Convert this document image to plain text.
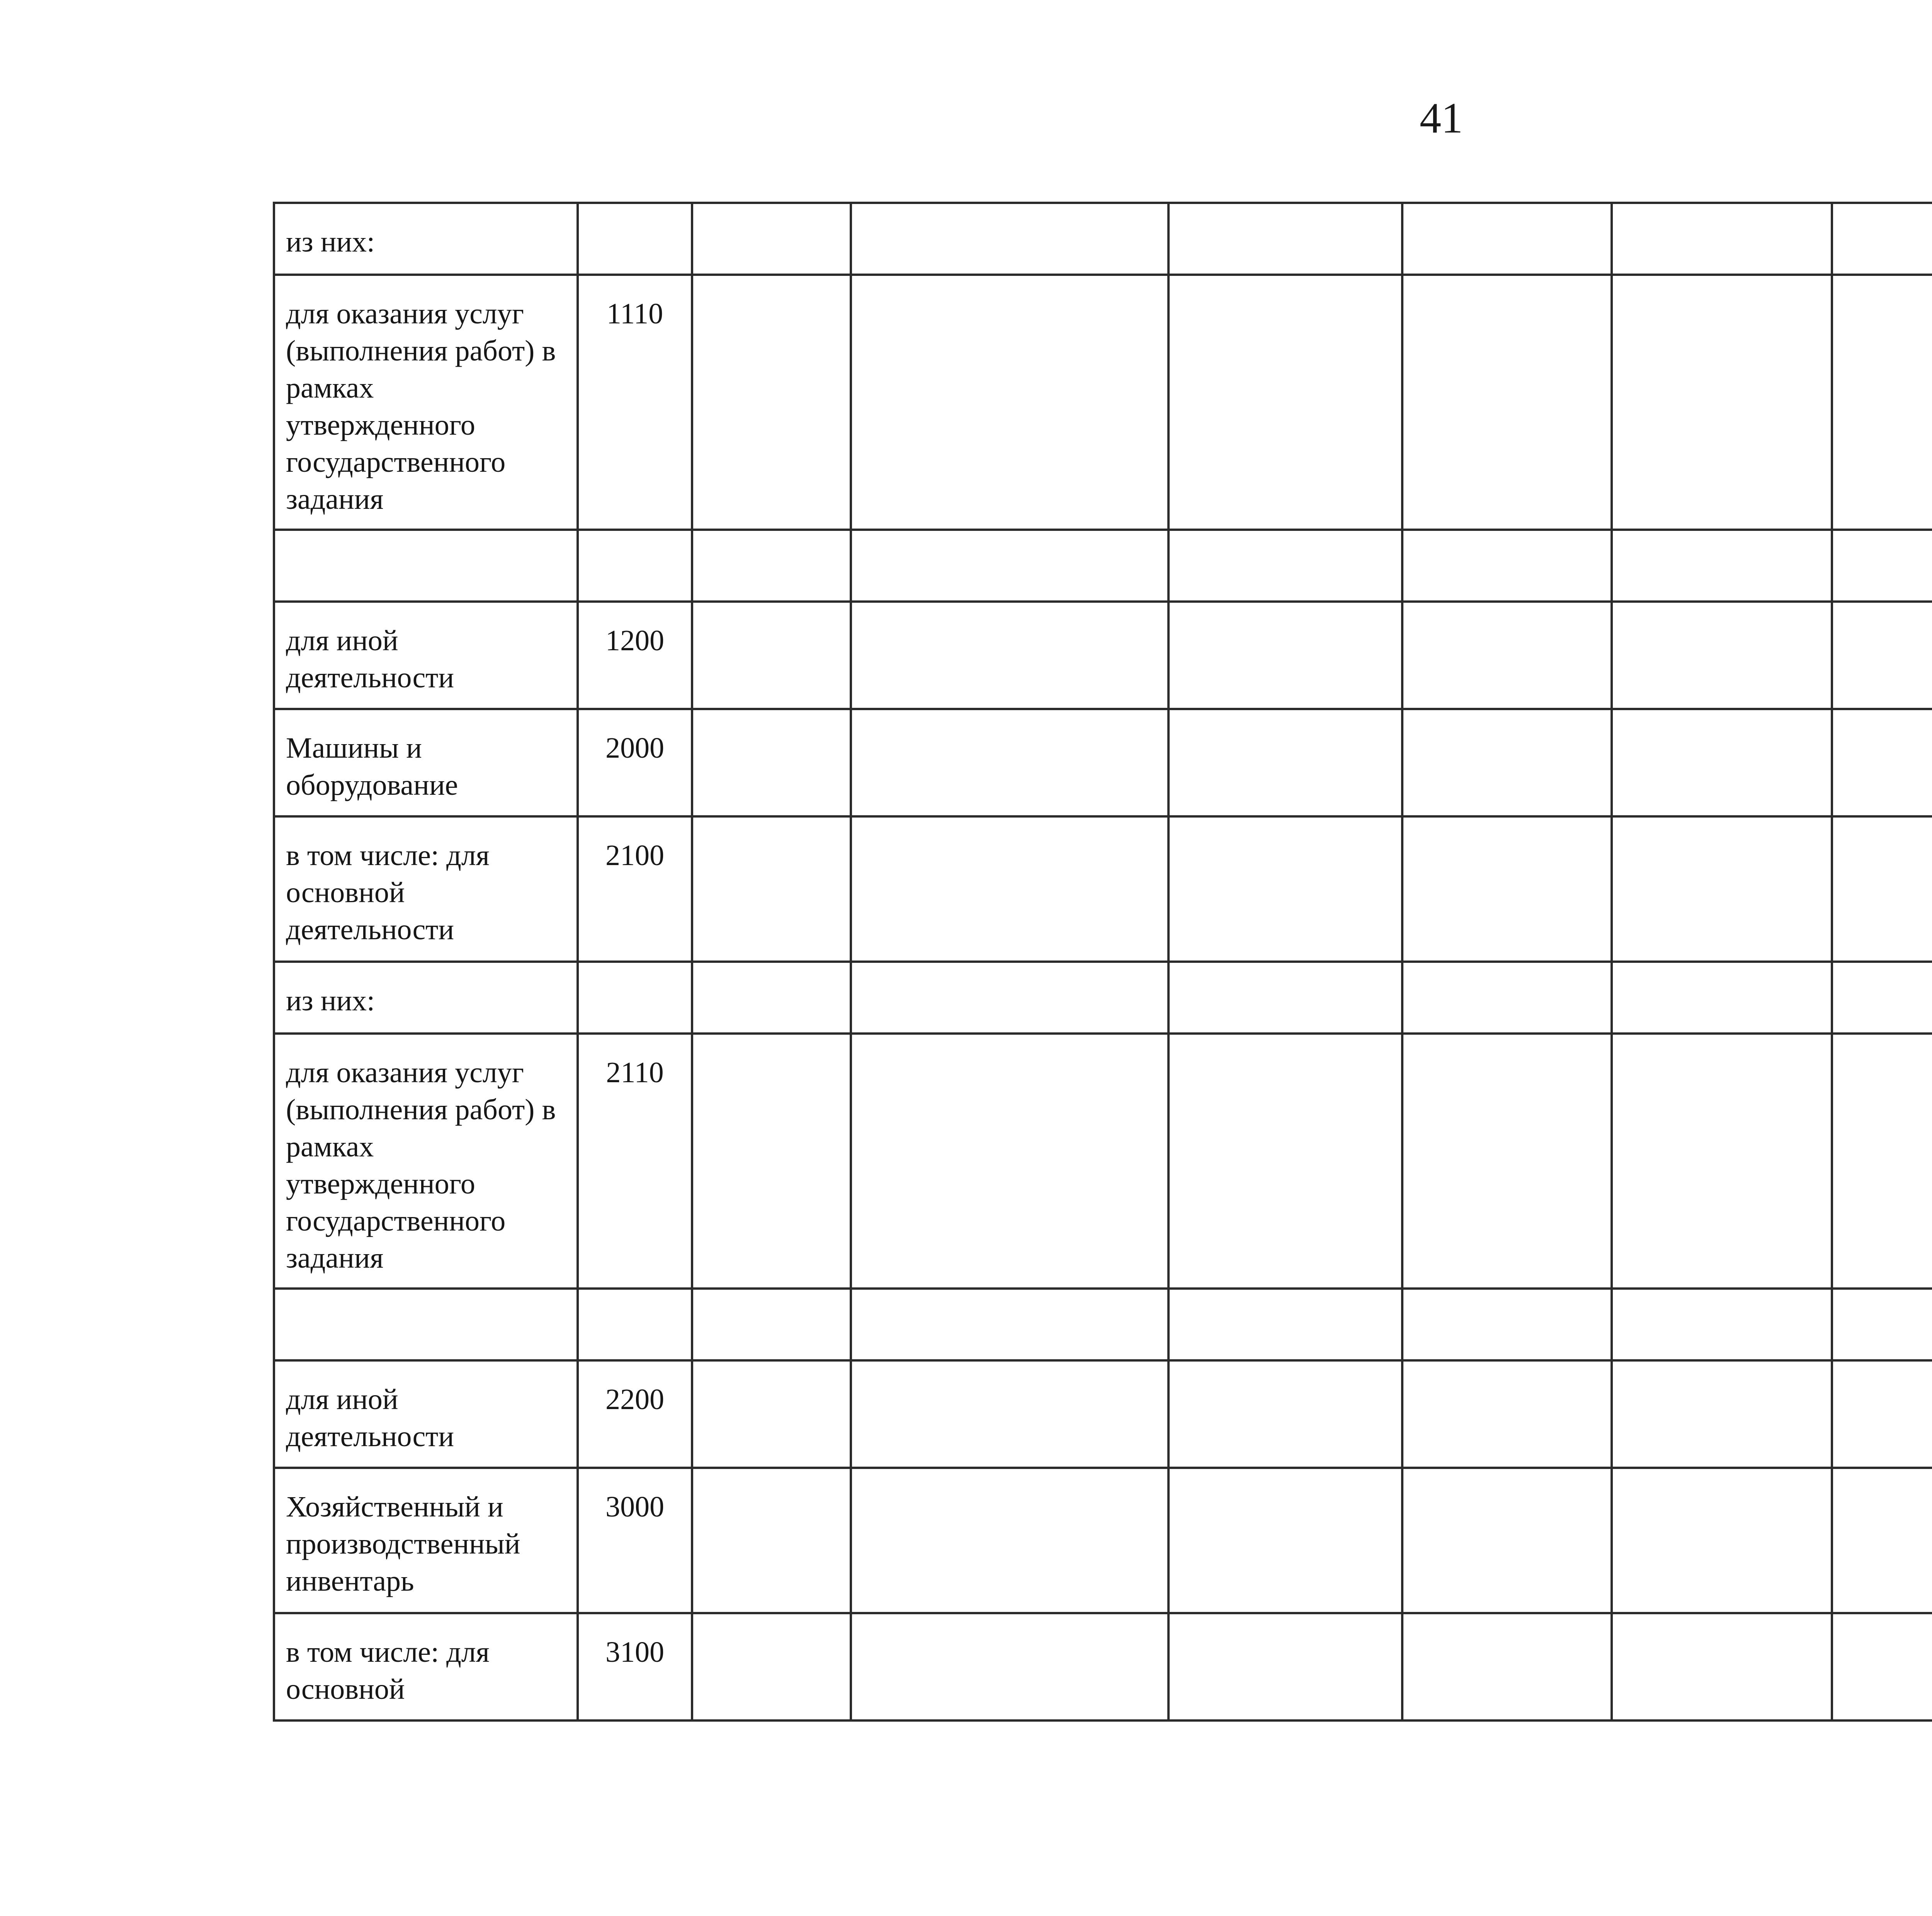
41
из них:										
для оказания услуг (выполнения работ) в рамках утвержденного государственного задания	1110									

для иной деятельности	1200									
Машины и оборудование	2000									
в том числе: для основной деятельности	2100									
из них:										
для оказания услуг (выполнения работ) в рамках утвержденного государственного задания	2110									

для иной деятельности	2200									
Хозяйственный и производственный инвентарь	3000									
в том числе: для основной	3100									
